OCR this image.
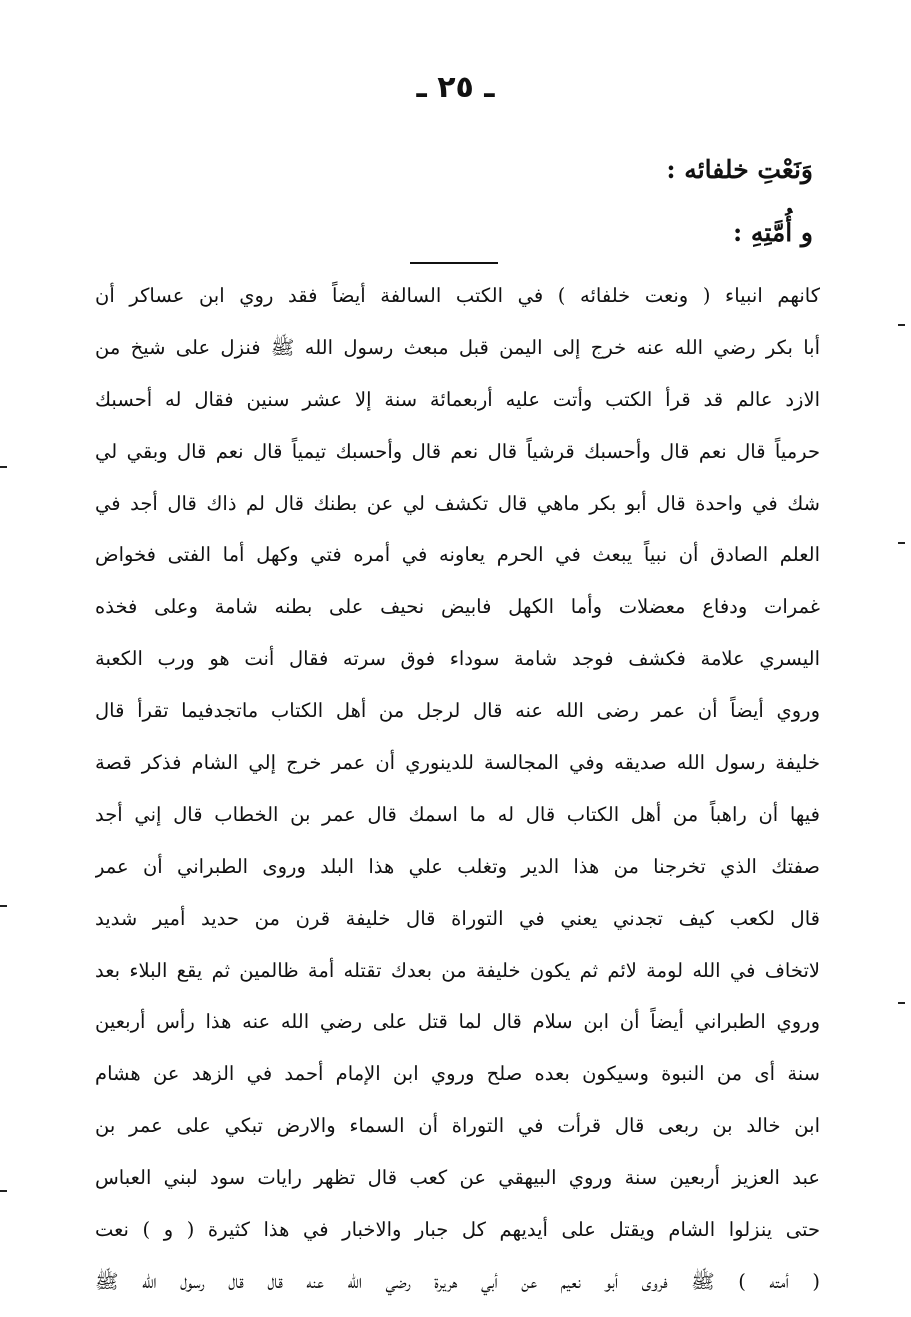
ـ ٢٥ ـ
وَنَعْتِ خلفائه :
و أُمَّتِهِ :
كانهم انبياء ( ونعت خلفائه ) في الكتب السالفة أيضاً فقد روي ابن عساكر أن
أبا بكر رضي الله عنه خرج إلى اليمن قبل مبعث رسول الله ﷺ فنزل على شيخ من
الازد عالم قد قرأ الكتب وأتت عليه أربعمائة سنة إلا عشر سنين فقال له أحسبك
حرمياً قال نعم قال وأحسبك قرشياً قال نعم قال وأحسبك تيمياً قال نعم قال وبقي لي
شك في واحدة قال أبو بكر ماهي قال تكشف لي عن بطنك قال لم ذاك قال أجد في
العلم الصادق أن نبياً يبعث في الحرم يعاونه في أمره فتي وكهل أما الفتى فخواض
غمرات ودفاع معضلات وأما الكهل فابيض نحيف على بطنه شامة وعلى فخذه
اليسري علامة فكشف فوجد شامة سوداء فوق سرته فقال أنت هو ورب الكعبة
وروي أيضاً أن عمر رضى الله عنه قال لرجل من أهل الكتاب ماتجدفيما تقرأ قال
خليفة رسول الله صديقه وفي المجالسة للدينوري أن عمر خرج إلي الشام فذكر قصة
فيها أن راهباً من أهل الكتاب قال له ما اسمك قال عمر بن الخطاب قال إني أجد
صفتك الذي تخرجنا من هذا الدير وتغلب علي هذا البلد وروى الطبراني أن عمر
قال لكعب كيف تجدني يعني في التوراة قال خليفة قرن من حديد أمير شديد
لاتخاف في الله لومة لائم ثم يكون خليفة من بعدك تقتله أمة ظالمين ثم يقع البلاء بعد
وروي الطبراني أيضاً أن ابن سلام قال لما قتل على رضي الله عنه هذا رأس أربعين
سنة أى من النبوة وسيكون بعده صلح وروي ابن الإمام أحمد في الزهد عن هشام
ابن خالد بن ربعى قال قرأت في التوراة أن السماء والارض تبكي على عمر بن
عبد العزيز أربعين سنة وروي البيهقي عن كعب قال تظهر رايات سود لبني العباس
حتى ينزلوا الشام ويقتل على أيديهم كل جبار والاخبار في هذا كثيرة ( و ) نعت
( أمته ) ﷺ فروى أبو نعيم عن أبي هريرة رضي الله عنه قال قال رسول الله ﷺ
